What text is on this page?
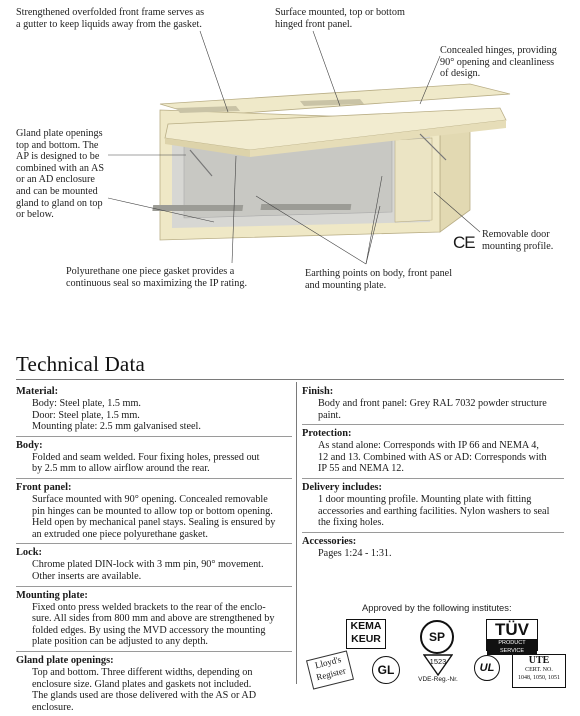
Strengthened overfolded front frame serves as
a gutter to keep liquids away from the gasket.
Surface mounted, top or bottom
hinged front panel.
Concealed hinges, providing
90° opening and cleanliness
of design.
Gland plate openings
top and bottom. The
AP is designed to be
combined with an AS
or an AD enclosure
and can be mounted
gland to gland on top
or below.
Removable door
mounting profile.
CE
Polyurethane one piece gasket provides a
continuous seal so maximizing the IP rating.
Earthing points on body, front panel
and mounting plate.
Technical Data
Material:
Body: Steel plate, 1.5 mm.
Door: Steel plate, 1.5 mm.
Mounting plate: 2.5 mm galvanised steel.
Body:
Folded and seam welded. Four fixing holes, pressed out
by 2.5 mm to allow airflow around the rear.
Front panel:
Surface mounted with 90° opening. Concealed removable
pin hinges can be mounted to allow top or bottom opening.
Held open by mechanical panel stays. Sealing is ensured by
an extruded one piece polyurethane gasket.
Lock:
Chrome plated DIN-lock with 3 mm pin, 90° movement.
Other inserts are available.
Mounting plate:
Fixed onto press welded brackets to the rear of the enclo-
sure. All sides from 800 mm and above are strengthened by
folded edges. By using the MVD accessory the mounting
plate position can be adjusted to any depth.
Gland plate openings:
Top and bottom. Three different widths, depending on
enclosure size. Gland plates and gaskets not included.
The glands used are those delivered with the AS or AD
enclosure.
Finish:
Body and front panel: Grey RAL 7032 powder structure
paint.
Protection:
As stand alone: Corresponds with IP 66 and NEMA 4,
12 and 13. Combined with AS or AD: Corresponds with
IP 55 and NEMA 12.
Delivery includes:
1 door mounting profile. Mounting plate with fitting
accessories and earthing facilities. Nylon washers to seal
the fixing holes.
Accessories:
Pages 1:24 - 1:31.
Approved by the following institutes:
KEMA
KEUR	SP	TÜV
PRODUCT SERVICE
Lloyd's
Register	GL
1523
VDE-Reg.-Nr.
UL
UTE
CERT. NO.
1048, 1050, 1051
